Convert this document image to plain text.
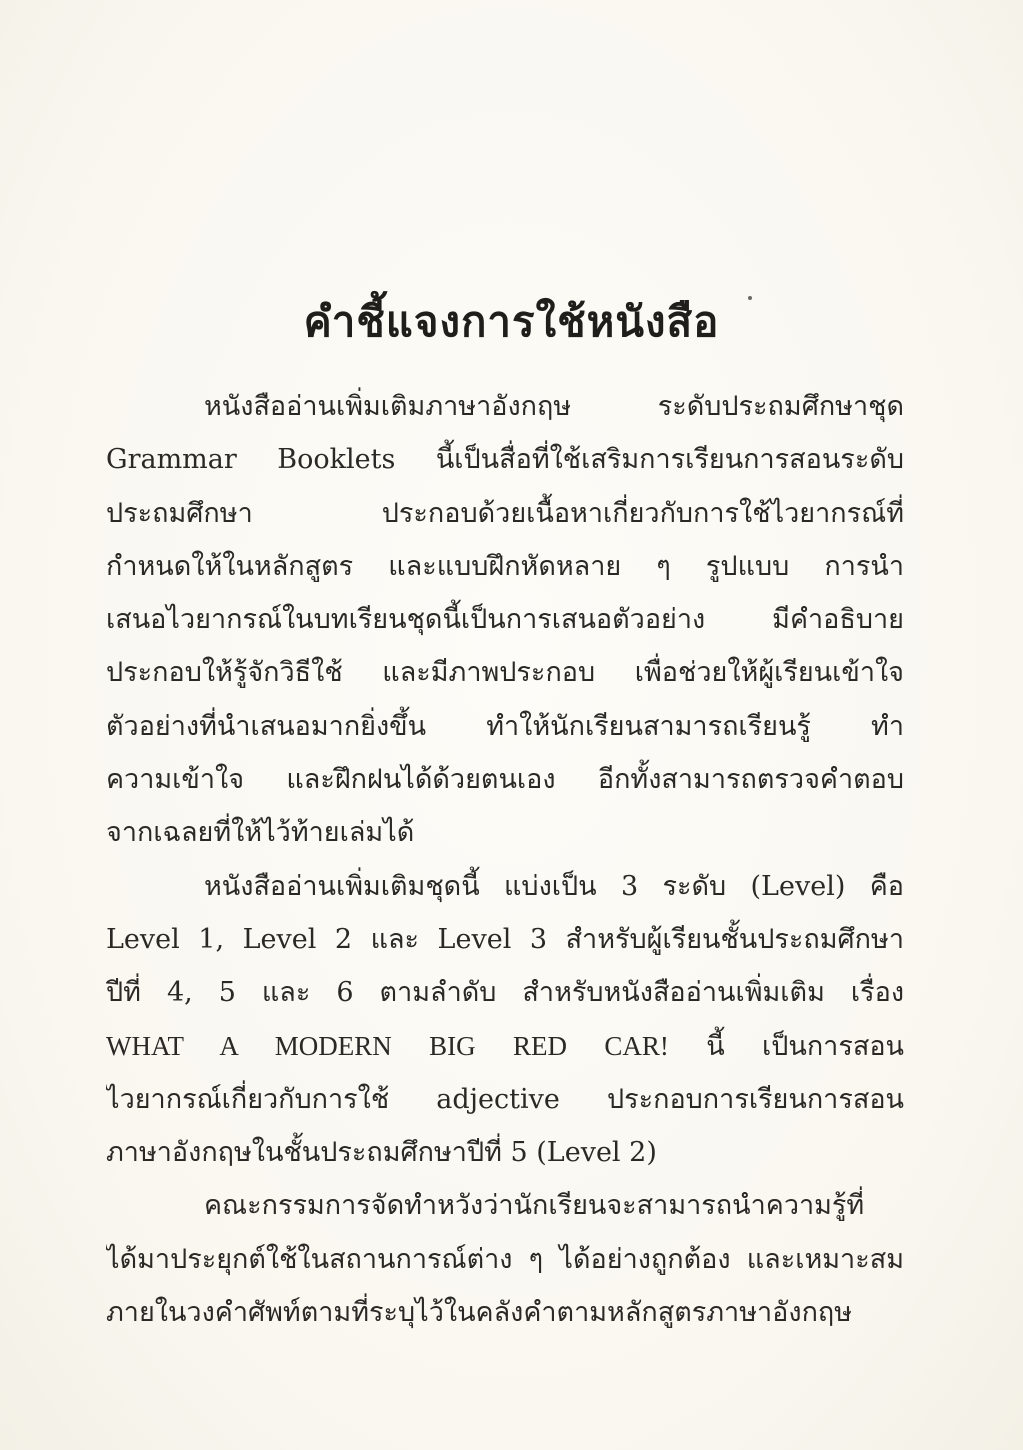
คำชี้แจงการใช้หนังสือ
หนังสืออ่านเพิ่มเติมภาษาอังกฤษ ระดับประถมศึกษาชุด
Grammar Booklets นี้เป็นสื่อที่ใช้เสริมการเรียนการสอนระดับ
ประถมศึกษา ประกอบด้วยเนื้อหาเกี่ยวกับการใช้ไวยากรณ์ที่
กำหนดให้ในหลักสูตร และแบบฝึกหัดหลาย ๆ รูปแบบ การนำ
เสนอไวยากรณ์ในบทเรียนชุดนี้เป็นการเสนอตัวอย่าง มีคำอธิบาย
ประกอบให้รู้จักวิธีใช้ และมีภาพประกอบ เพื่อช่วยให้ผู้เรียนเข้าใจ
ตัวอย่างที่นำเสนอมากยิ่งขึ้น ทำให้นักเรียนสามารถเรียนรู้ ทำ
ความเข้าใจ และฝึกฝนได้ด้วยตนเอง อีกทั้งสามารถตรวจคำตอบ
จากเฉลยที่ให้ไว้ท้ายเล่มได้
หนังสืออ่านเพิ่มเติมชุดนี้ แบ่งเป็น 3 ระดับ (Level) คือ
Level 1, Level 2 และ Level 3 สำหรับผู้เรียนชั้นประถมศึกษา
ปีที่ 4, 5 และ 6 ตามลำดับ สำหรับหนังสืออ่านเพิ่มเติม เรื่อง
WHAT A MODERN BIG RED CAR! นี้ เป็นการสอน
ไวยากรณ์เกี่ยวกับการใช้ adjective ประกอบการเรียนการสอน
ภาษาอังกฤษในชั้นประถมศึกษาปีที่ 5 (Level 2)
คณะกรรมการจัดทำหวังว่านักเรียนจะสามารถนำความรู้ที่
ได้มาประยุกต์ใช้ในสถานการณ์ต่าง ๆ ได้อย่างถูกต้อง และเหมาะสม
ภายในวงคำศัพท์ตามที่ระบุไว้ในคลังคำตามหลักสูตรภาษาอังกฤษ
